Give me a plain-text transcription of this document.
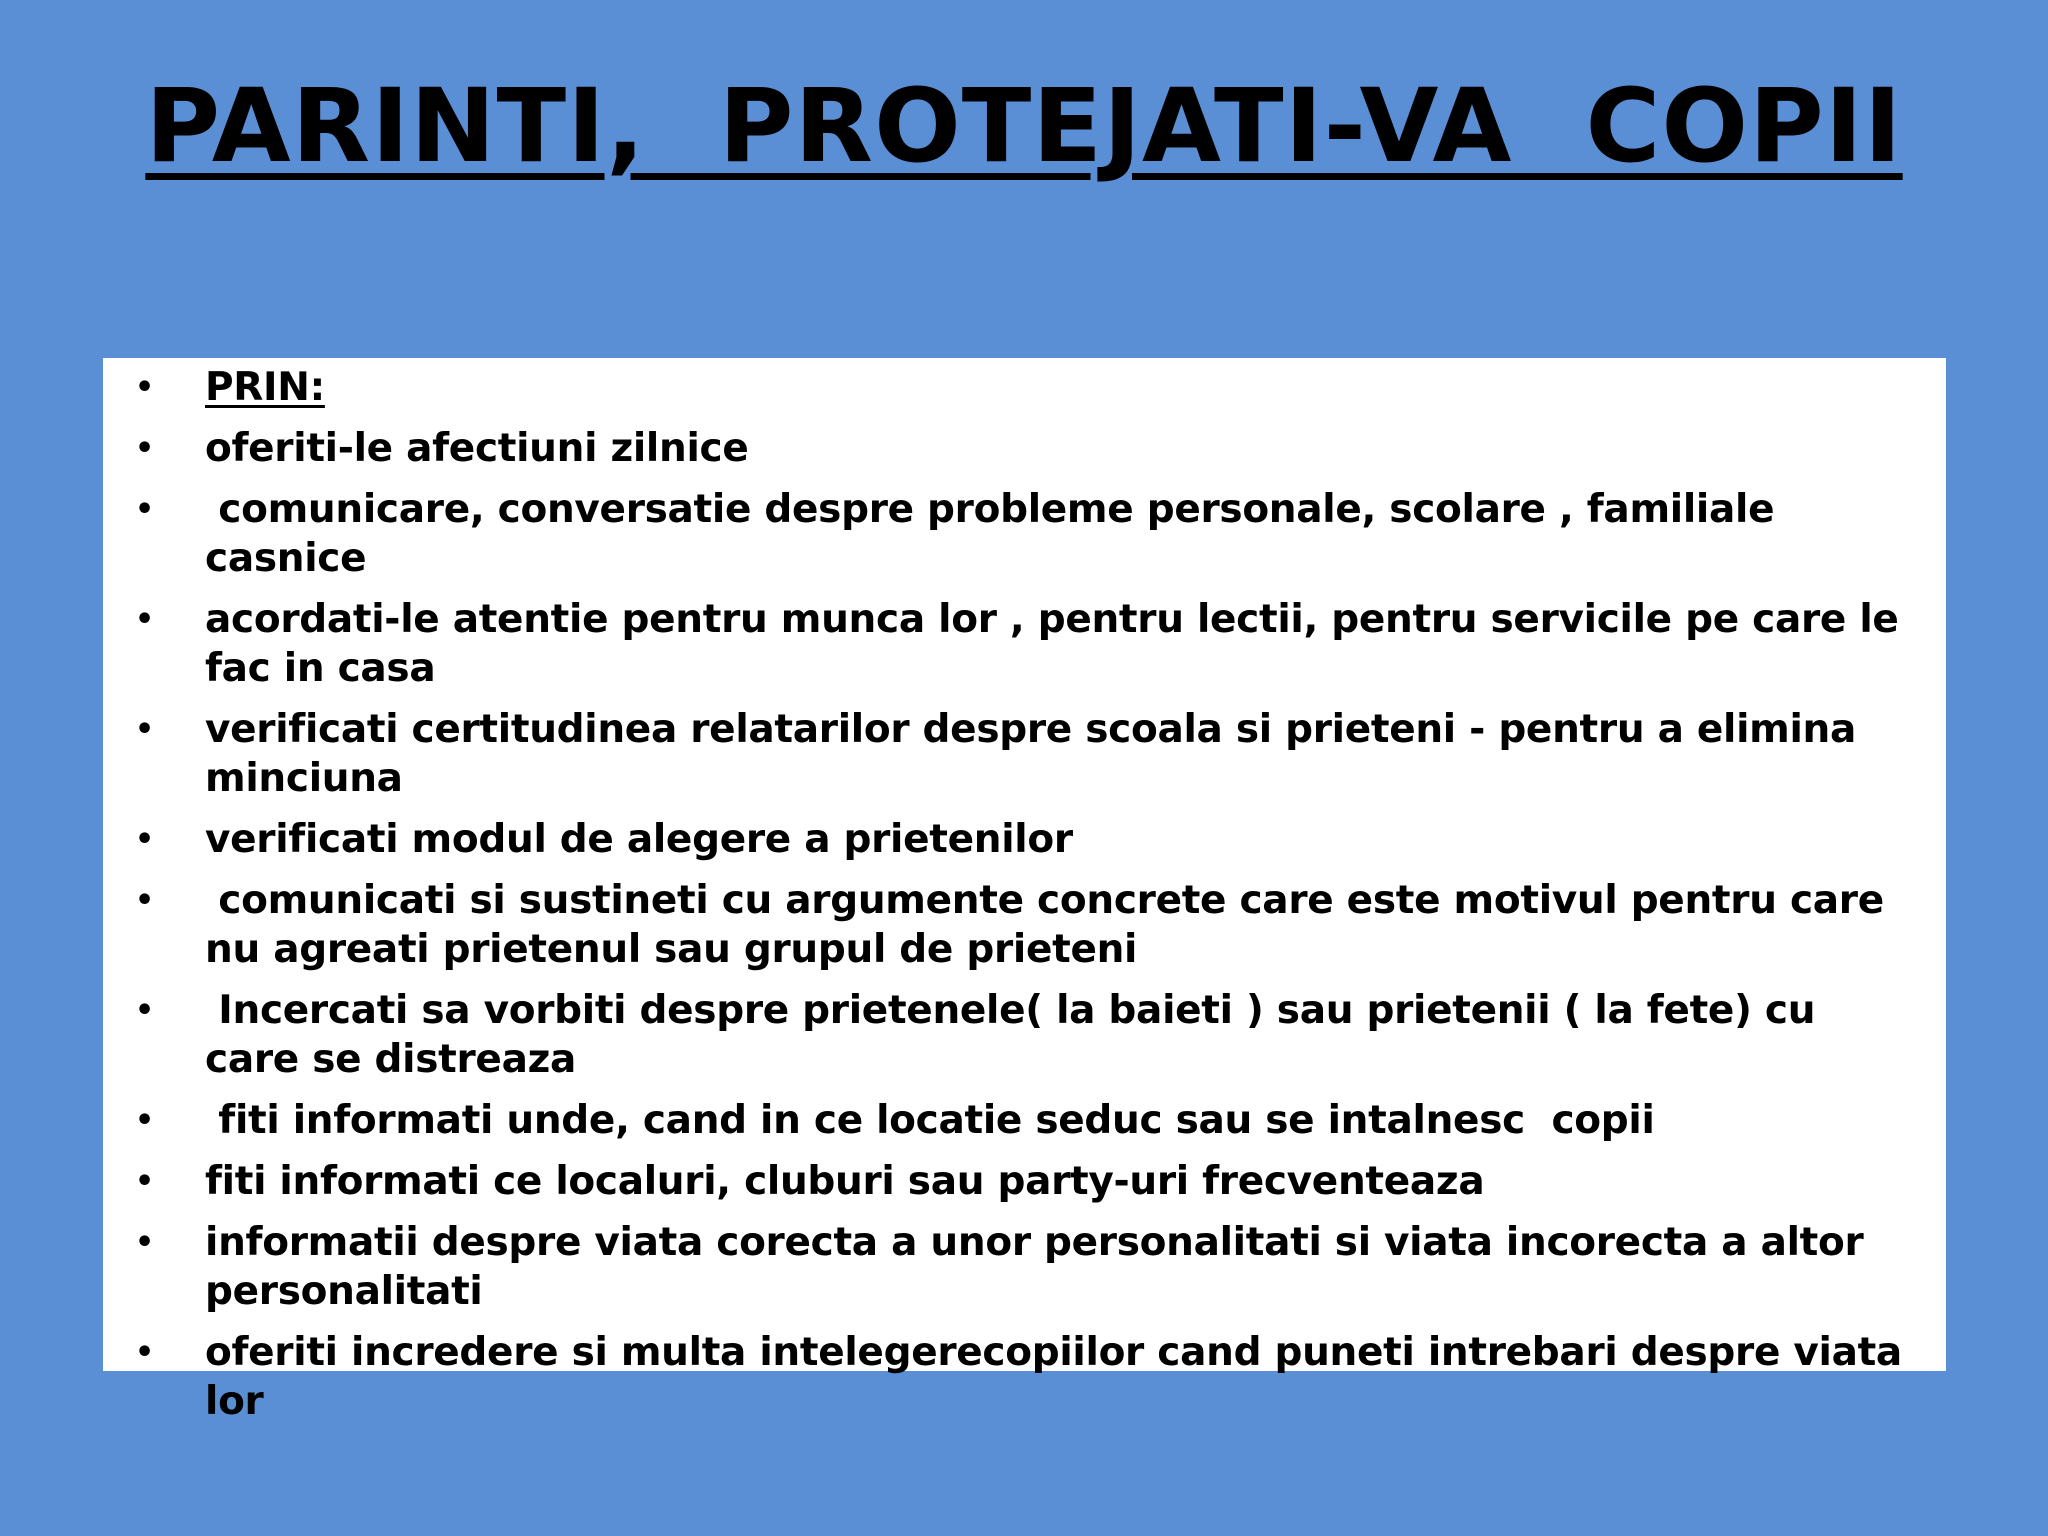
PARINTI,  PROTEJATI-VA  COPII
•	PRIN:
•	oferiti-le afectiuni zilnice
•	comunicare, conversatie despre probleme personale, scolare , familiale casnice
•	acordati-le atentie pentru munca lor , pentru lectii, pentru servicile pe care le fac in casa
•	verificati certitudinea relatarilor despre scoala si prieteni - pentru a elimina minciuna
•	verificati modul de alegere a prietenilor
•	comunicati si sustineti cu argumente concrete care este motivul pentru care nu agreati prietenul sau grupul de prieteni
•	Incercati sa vorbiti despre prietenele( la baieti ) sau prietenii ( la fete) cu care se distreaza
•	fiti informati unde, cand in ce locatie seduc sau se intalnesc  copii
•	fiti informati ce localuri, cluburi sau party-uri frecventeaza
•	informatii despre viata corecta a unor personalitati si viata incorecta a altor personalitati
•	oferiti incredere si multa intelegerecopiilor cand puneti intrebari despre viata lor
